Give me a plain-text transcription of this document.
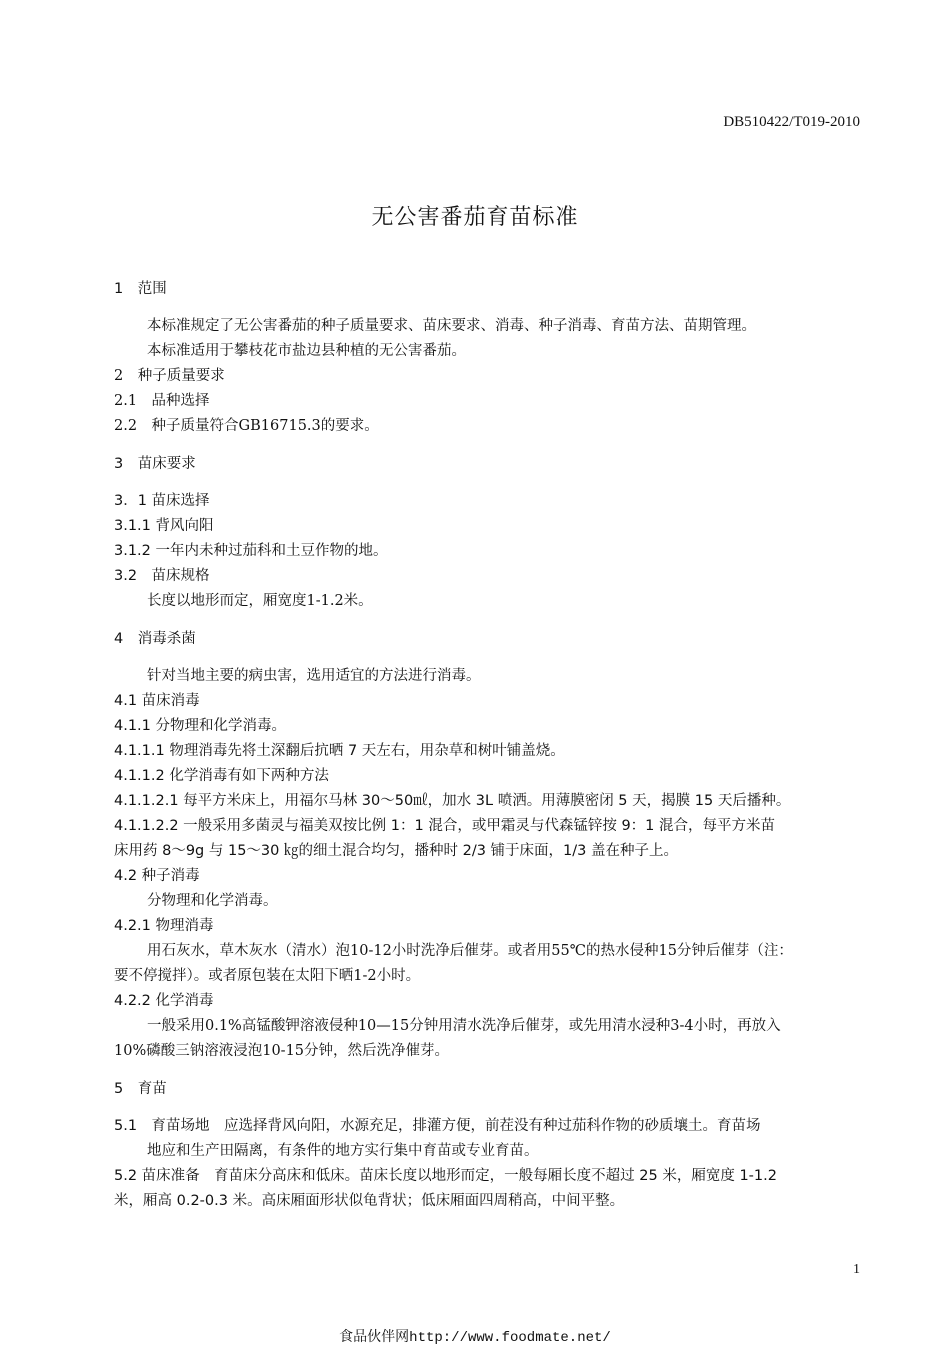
DB510422/T019-2010
无公害番茄育苗标准
1　范围
本标准规定了无公害番茄的种子质量要求、苗床要求、消毒、种子消毒、育苗方法、苗期管理。
本标准适用于攀枝花市盐边县种植的无公害番茄。
2　种子质量要求
2.1　品种选择
2.2　种子质量符合GB16715.3的要求。
3　苗床要求
3．1 苗床选择
3.1.1 背风向阳
3.1.2 一年内未种过茄科和土豆作物的地。
3.2　苗床规格
长度以地形而定，厢宽度1-1.2米。
4　消毒杀菌
针对当地主要的病虫害，选用适宜的方法进行消毒。
4.1 苗床消毒
4.1.1 分物理和化学消毒。
4.1.1.1 物理消毒先将土深翻后抗晒 7 天左右，用杂草和树叶铺盖烧。
4.1.1.2 化学消毒有如下两种方法
4.1.1.2.1 每平方米床上，用福尔马林 30～50㎖，加水 3L 喷洒。用薄膜密闭 5 天，揭膜 15 天后播种。
4.1.1.2.2 一般采用多菌灵与福美双按比例 1：1 混合，或甲霜灵与代森锰锌按 9：1 混合，每平方米苗
床用药 8～9g 与 15～30 ㎏的细土混合均匀，播种时 2/3 铺于床面，1/3 盖在种子上。
4.2 种子消毒
分物理和化学消毒。
4.2.1 物理消毒
用石灰水，草木灰水（清水）泡10-12小时洗净后催芽。或者用55℃的热水侵种15分钟后催芽（注：
要不停搅拌）。或者原包装在太阳下晒1-2小时。
4.2.2 化学消毒
一般采用0.1%高锰酸钾溶液侵种10—15分钟用清水洗净后催芽，或先用清水浸种3-4小时，再放入
10%磷酸三钠溶液浸泡10-15分钟，然后洗净催芽。
5　育苗
5.1　育苗场地　应选择背风向阳，水源充足，排灌方便，前茬没有种过茄科作物的砂质壤土。育苗场
地应和生产田隔离，有条件的地方实行集中育苗或专业育苗。
5.2 苗床准备　育苗床分高床和低床。苗床长度以地形而定，一般每厢长度不超过 25 米，厢宽度 1-1.2
米，厢高 0.2-0.3 米。高床厢面形状似龟背状；低床厢面四周稍高，中间平整。
1
食品伙伴网http://www.foodmate.net/
